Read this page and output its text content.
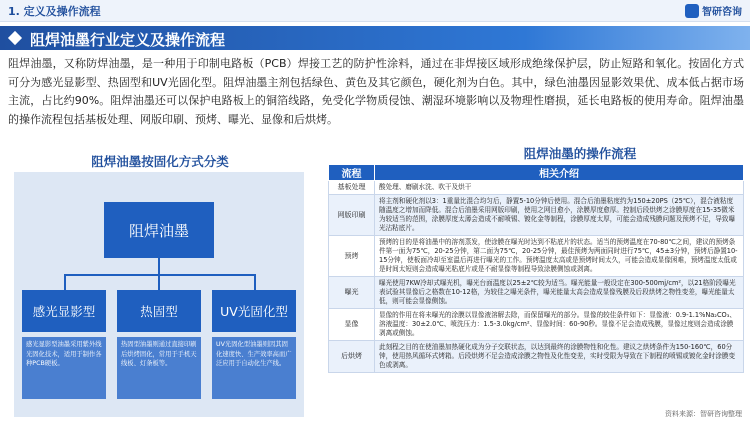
1. 定义及操作流程	智研咨询
阻焊油墨行业定义及操作流程
阻焊油墨，又称防焊油墨，是一种用于印制电路板（PCB）焊接工艺的防护性涂料，通过在非焊接区域形成绝缘保护层，防止短路和氧化。按固化方式可分为感光显影型、热固型和UV光固化型。阻焊油墨主剂包括绿色、黄色及其它颜色，硬化剂为白色。其中，绿色油墨因显影效果优、成本低占据市场主流，占比约90%。阻焊油墨还可以保护电路板上的铜箔线路，免受化学物质侵蚀、潮湿环境影响以及物理性磨损，延长电路板的使用寿命。阻焊油墨的操作流程包括基板处理、网版印刷、预烤、曝光、显像和后烘烤。
阻焊油墨按固化方式分类
阻焊油墨
感光显影型	热固型	UV光固化型
感光显影型油墨采用紫外线光固化技术，适用于制作各种PCB硬板。
热固型油墨则通过直接印刷后烘烤固化，常用于手机天线板、灯条板等。
UV光固化型油墨则因其固化速度快、生产效率高而广泛应用于自动化生产线。
阻焊油墨的操作流程
流程	相关介绍
基板处理	酸处理、磨刷水洗、吹干及烘干
网版印刷	将主剂和硬化剂以3：1重量比混合均匀后，静置5-10分钟后使用。混合后油墨粘度约为150±20PS（25℃），混合液粘度随温度之增加而降低。混合后油墨采用网版印刷，使用之网目愈小，涂膜厚度愈厚。控制后段烘烤之涂膜厚度在15-35微米为较适当的范围，涂膜厚度太薄会造成不耐喷锡、镀化金等制程，涂膜厚度太厚，可能会造成残膜问题及预烤不足，导致曝光沾粘底片。
预烤	预烤的目的是将油墨中的溶剂蒸发，使涂膜在曝光时达到不粘底片的状态。适当的预烤温度在70-80℃之间，建议的预烤条件第一面为75℃，20-25分钟，第二面为75℃，20-25分钟，最佳预烤为两面同时进行75℃，45±3分钟，预烤后静置10-15分钟，使板面冷却至室温后再进行曝光的工作。预烤温度太高或是预烤时间太久，可能会造成显像困难，预烤温度太低或是时间太短则会造成曝光粘底片或是不耐显像等制程导致涂膜侧蚀或剥离。
曝光	曝光使用7KW冷却式曝光机，曝光台面温度以25±2℃较为适当。曝光能量一般设定在300-500mj/cm²，以21格阶段曝光表试验其显像后之格数在10-12格，为较佳之曝光条件，曝光能量太高会造成显像残膜及后段烘烤之物性变差，曝光能量太低，则可能会显像侧蚀。
显像	显像的作用在将未曝光的涂膜以显像液溶解去除，而保留曝光的部分。显像的较佳条件如下：显像液：0.9-1.1%Na₂CO₃、溶液温度：30±2.0℃、喷洗压力：1.5-3.0kg/cm²、显像时间：60-90秒。显像不足会造成残膜，显像过度则会造成涂膜剥离或侧蚀。
后烘烤	此刻程之目的在使油墨加热硬化成为分子交联状态，以达到最终的涂膜物性和化性。建议之烘烤条件为150-160℃，60分钟，使用热风循环式烤箱。后段烘烤不足会造成涂膜之物性及化性变差，实时受限为导致在下制程的喷锡或镀化金时涂膜变色或剥离。
资料来源：智研咨询整理
